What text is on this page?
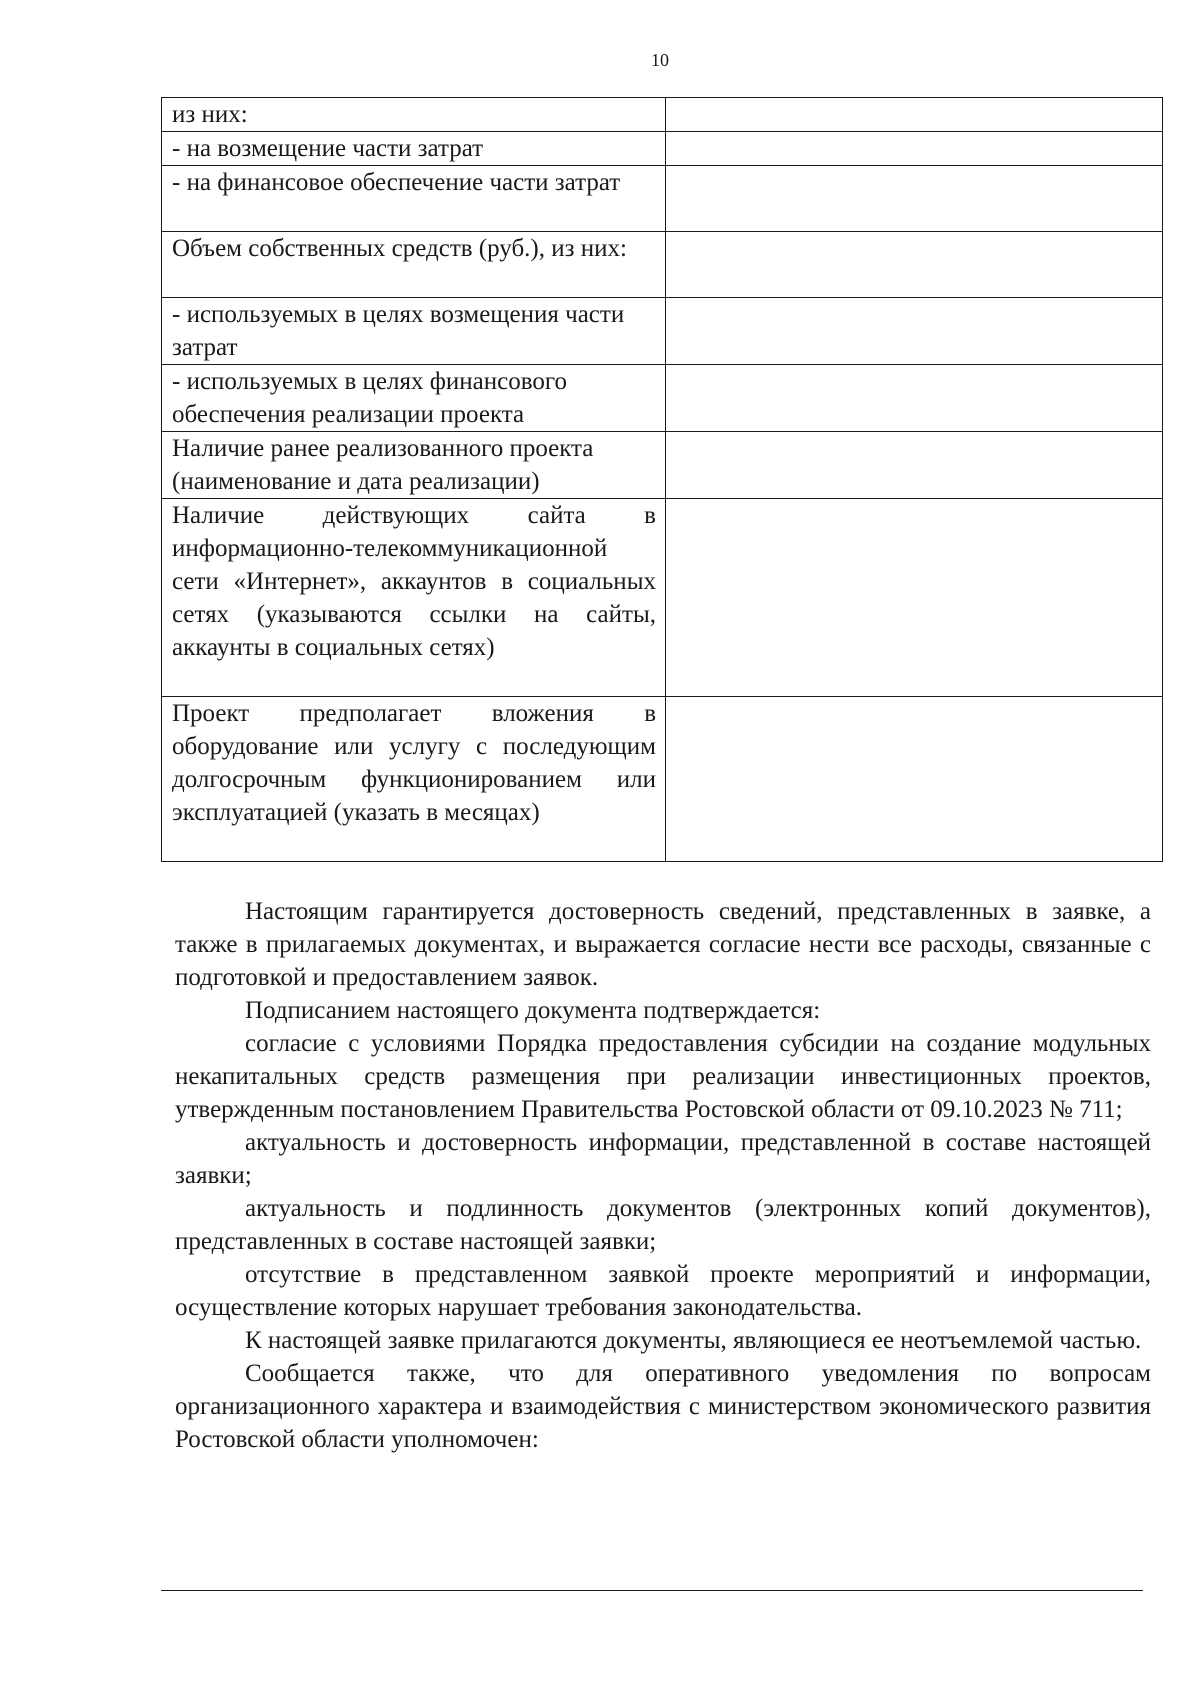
10
из них:	
- на возмещение части затрат	
- на финансовое обеспечение части затрат	
Объем собственных средств (руб.), из них:	
- используемых в целях возмещения части затрат	
- используемых в целях финансового обеспечения реализации проекта	
Наличие ранее реализованного проекта (наименование и дата реализации)	
Наличие действующих сайта в информационно-телекоммуникационной сети «Интернет», аккаунтов в социальных сетях (указываются ссылки на сайты, аккаунты в социальных сетях)	
Проект предполагает вложения в оборудование или услугу с последующим долгосрочным функционированием или эксплуатацией (указать в месяцах)	

Настоящим гарантируется достоверность сведений, представленных в заявке, а также в прилагаемых документах, и выражается согласие нести все расходы, связанные с подготовкой и предоставлением заявок.

Подписанием настоящего документа подтверждается:

согласие с условиями Порядка предоставления субсидии на создание модульных некапитальных средств размещения при реализации инвестиционных проектов, утвержденным постановлением Правительства Ростовской области от 09.10.2023 № 711;

актуальность и достоверность информации, представленной в составе настоящей заявки;

актуальность и подлинность документов (электронных копий документов), представленных в составе настоящей заявки;

отсутствие в представленном заявкой проекте мероприятий и информации, осуществление которых нарушает требования законодательства.

К настоящей заявке прилагаются документы, являющиеся ее неотъемлемой частью.

Сообщается также, что для оперативного уведомления по вопросам организационного характера и взаимодействия с министерством экономического развития Ростовской области уполномочен:
